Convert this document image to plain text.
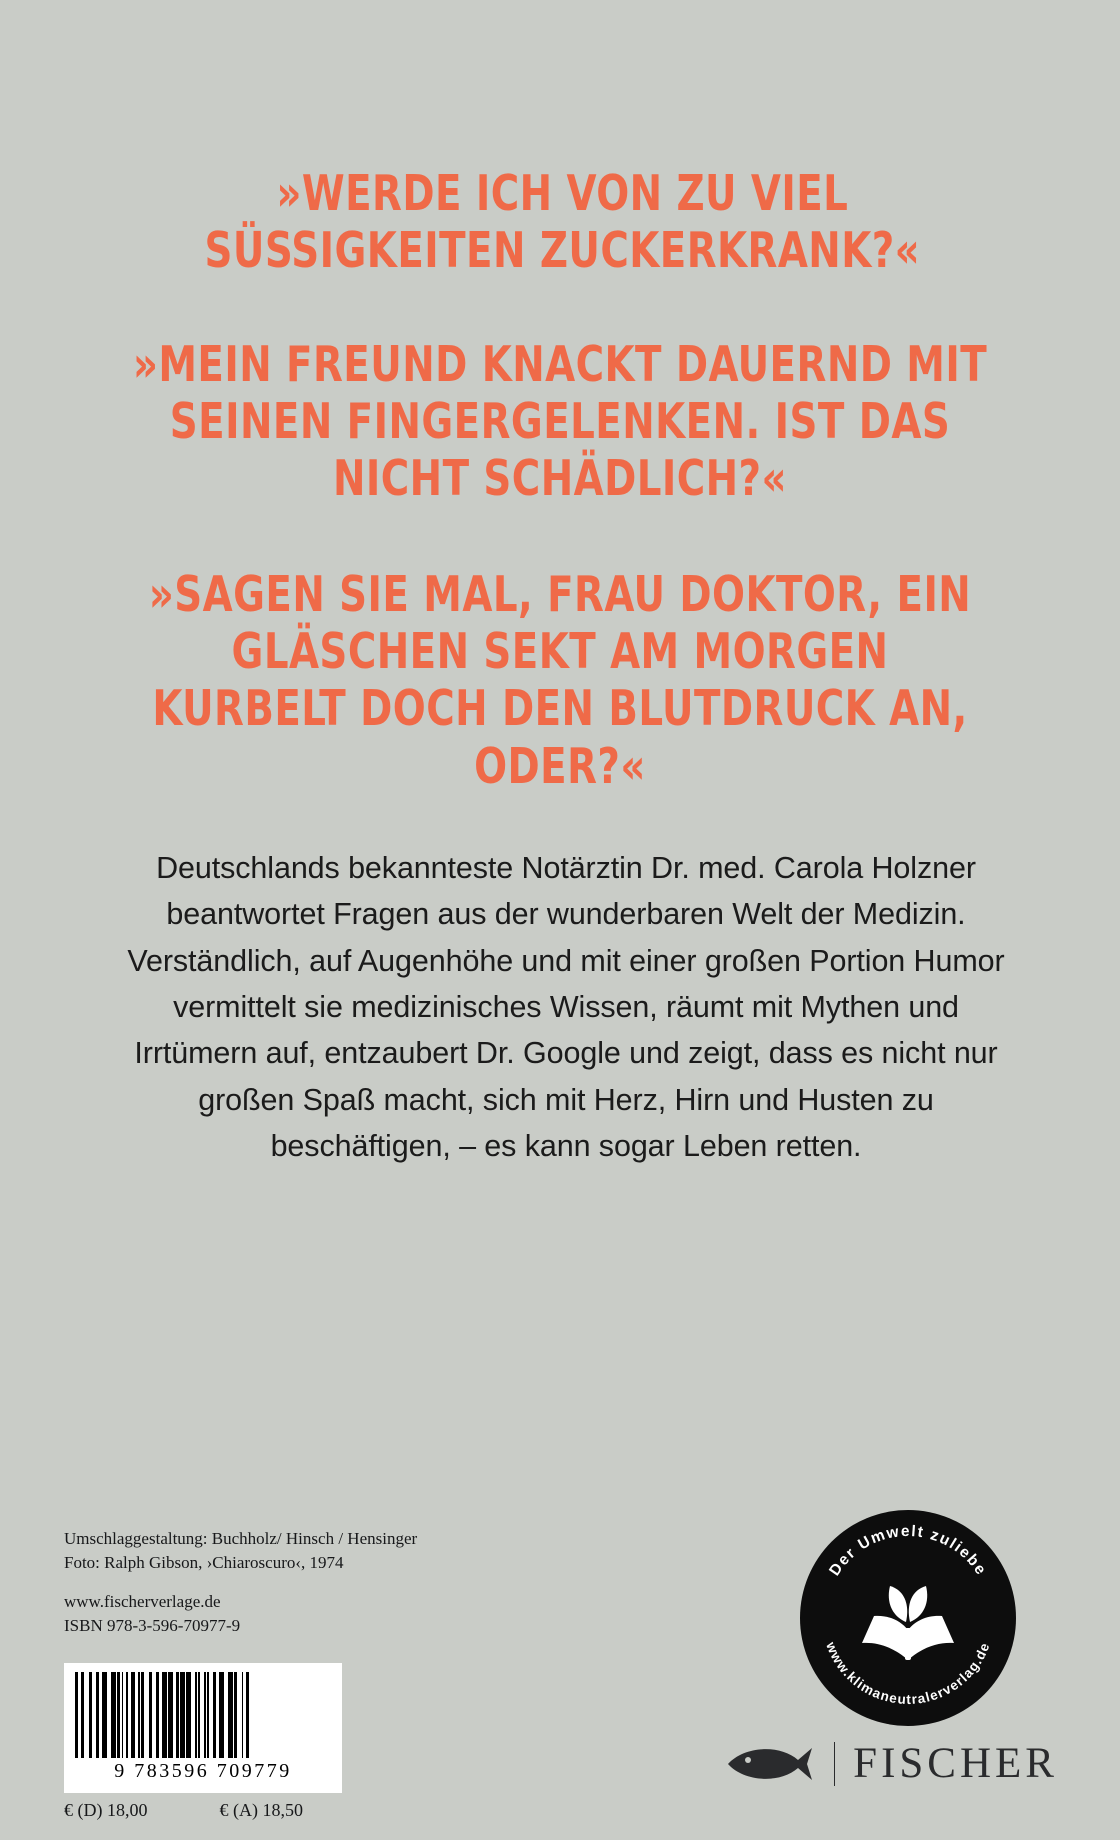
»WERDE ICH VON ZU VIEL SÜSSIGKEITEN ZUCKERKRANK?«
»MEIN FREUND KNACKT DAUERND MIT SEINEN FINGERGELENKEN. IST DAS NICHT SCHÄDLICH?«
»SAGEN SIE MAL, FRAU DOKTOR, EIN GLÄSCHEN SEKT AM MORGEN KURBELT DOCH DEN BLUTDRUCK AN, ODER?«
Deutschlands bekannteste Notärztin Dr. med. Carola Holzner beantwortet Fragen aus der wunderbaren Welt der Medizin. Verständlich, auf Augenhöhe und mit einer großen Portion Humor vermittelt sie medizinisches Wissen, räumt mit Mythen und Irrtümern auf, entzaubert Dr. Google und zeigt, dass es nicht nur großen Spaß macht, sich mit Herz, Hirn und Husten zu beschäftigen, – es kann sogar Leben retten.
Umschlaggestaltung: Buchholz/ Hinsch / Hensinger
Foto: Ralph Gibson, ›Chiaroscuro‹, 1974
www.fischerverlage.de
ISBN 978-3-596-70977-9
9 783596 709779
€ (D) 18,00	€ (A) 18,50
Der Umwelt zuliebe
www.klimaneutralerverlag.de
FISCHER
